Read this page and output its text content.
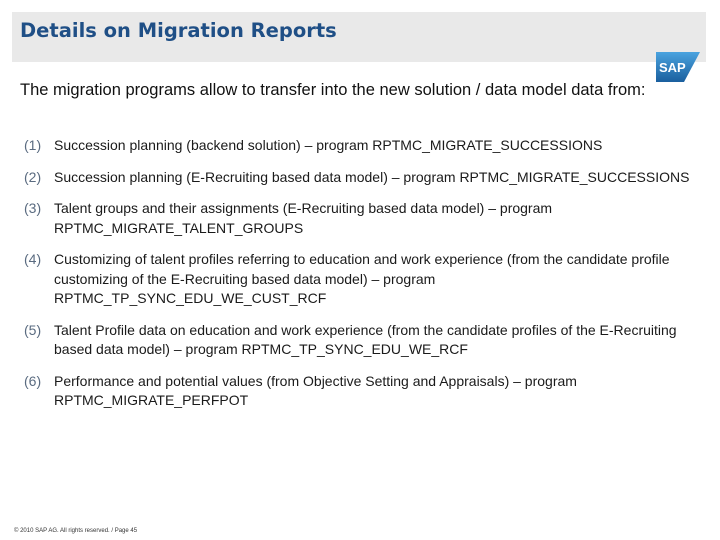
Details on Migration Reports
SAP
The migration programs allow to transfer into the new solution / data model data from:
(1) Succession planning (backend solution) – program RPTMC_MIGRATE_SUCCESSIONS
(2) Succession planning (E-Recruiting based data model) – program RPTMC_MIGRATE_SUCCESSIONS
(3) Talent groups and their assignments (E-Recruiting based data model) – program RPTMC_MIGRATE_TALENT_GROUPS
(4) Customizing of talent profiles referring to education and work experience (from the candidate profile customizing of the E-Recruiting based data model) – program RPTMC_TP_SYNC_EDU_WE_CUST_RCF
(5) Talent Profile data on education and work experience (from the candidate profiles of the E-Recruiting based data model) – program RPTMC_TP_SYNC_EDU_WE_RCF
(6) Performance and potential values (from Objective Setting and Appraisals) – program RPTMC_MIGRATE_PERFPOT
© 2010 SAP AG. All rights reserved. / Page 45
